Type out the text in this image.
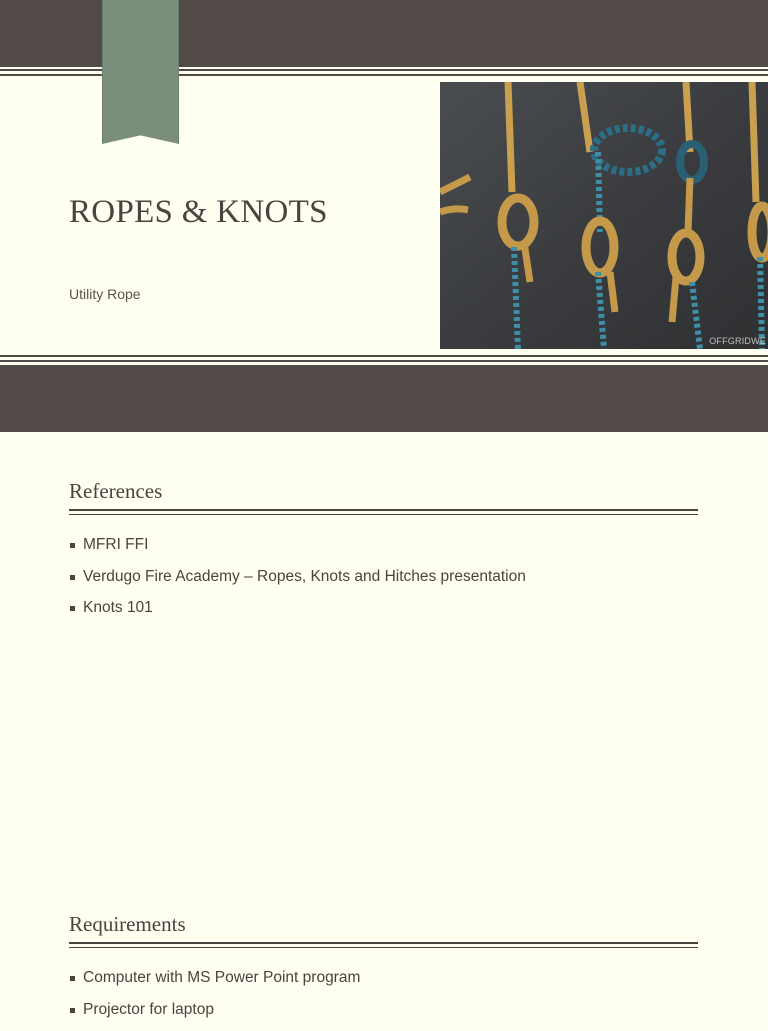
ROPES & KNOTS
Utility Rope
OFFGRIDWE
References
MFRI FFI
Verdugo Fire Academy – Ropes, Knots and Hitches presentation
Knots 101
Requirements
Computer with MS Power Point program
Projector for laptop
